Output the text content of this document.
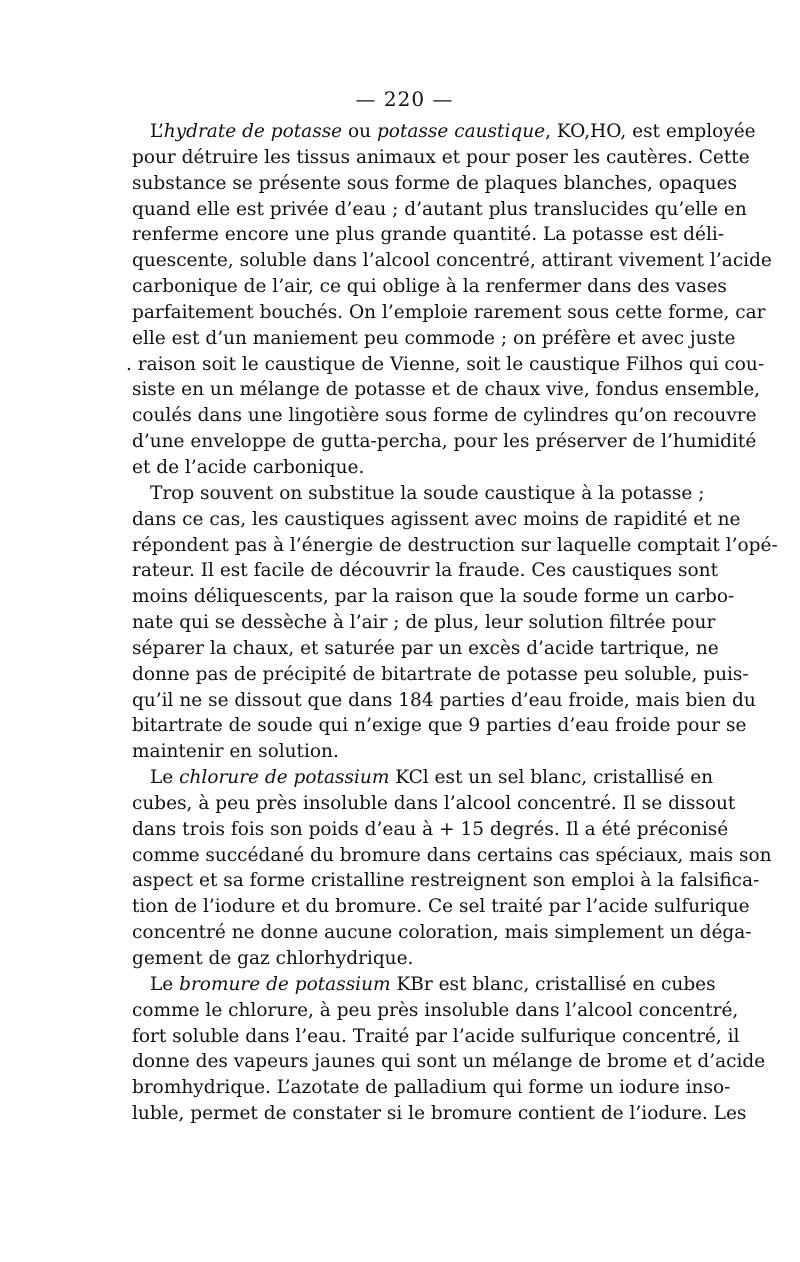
— 220 —
L’hydrate de potasse ou potasse caustique, KO,HO, est employée
pour détruire les tissus animaux et pour poser les cautères. Cette
substance se présente sous forme de plaques blanches, opaques
quand elle est privée d’eau ; d’autant plus translucides qu’elle en
renferme encore une plus grande quantité. La potasse est déli-
quescente, soluble dans l’alcool concentré, attirant vivement l’acide
carbonique de l’air, ce qui oblige à la renfermer dans des vases
parfaitement bouchés. On l’emploie rarement sous cette forme, car
elle est d’un maniement peu commode ; on préfère et avec juste
. raison soit le caustique de Vienne, soit le caustique Filhos qui cou-
siste en un mélange de potasse et de chaux vive, fondus ensemble,
coulés dans une lingotière sous forme de cylindres qu’on recouvre
d’une enveloppe de gutta-percha, pour les préserver de l’humidité
et de l’acide carbonique.
Trop souvent on substitue la soude caustique à la potasse ;
dans ce cas, les caustiques agissent avec moins de rapidité et ne
répondent pas à l’énergie de destruction sur laquelle comptait l’opé-
rateur. Il est facile de découvrir la fraude. Ces caustiques sont
moins déliquescents, par la raison que la soude forme un carbo-
nate qui se dessèche à l’air ; de plus, leur solution filtrée pour
séparer la chaux, et saturée par un excès d’acide tartrique, ne
donne pas de précipité de bitartrate de potasse peu soluble, puis-
qu’il ne se dissout que dans 184 parties d’eau froide, mais bien du
bitartrate de soude qui n’exige que 9 parties d’eau froide pour se
maintenir en solution.
Le chlorure de potassium KCl est un sel blanc, cristallisé en
cubes, à peu près insoluble dans l’alcool concentré. Il se dissout
dans trois fois son poids d’eau à + 15 degrés. Il a été préconisé
comme succédané du bromure dans certains cas spéciaux, mais son
aspect et sa forme cristalline restreignent son emploi à la falsifica-
tion de l’iodure et du bromure. Ce sel traité par l’acide sulfurique
concentré ne donne aucune coloration, mais simplement un déga-
gement de gaz chlorhydrique.
Le bromure de potassium KBr est blanc, cristallisé en cubes
comme le chlorure, à peu près insoluble dans l’alcool concentré,
fort soluble dans l’eau. Traité par l’acide sulfurique concentré, il
donne des vapeurs jaunes qui sont un mélange de brome et d’acide
bromhydrique. L’azotate de palladium qui forme un iodure inso-
luble, permet de constater si le bromure contient de l’iodure. Les
